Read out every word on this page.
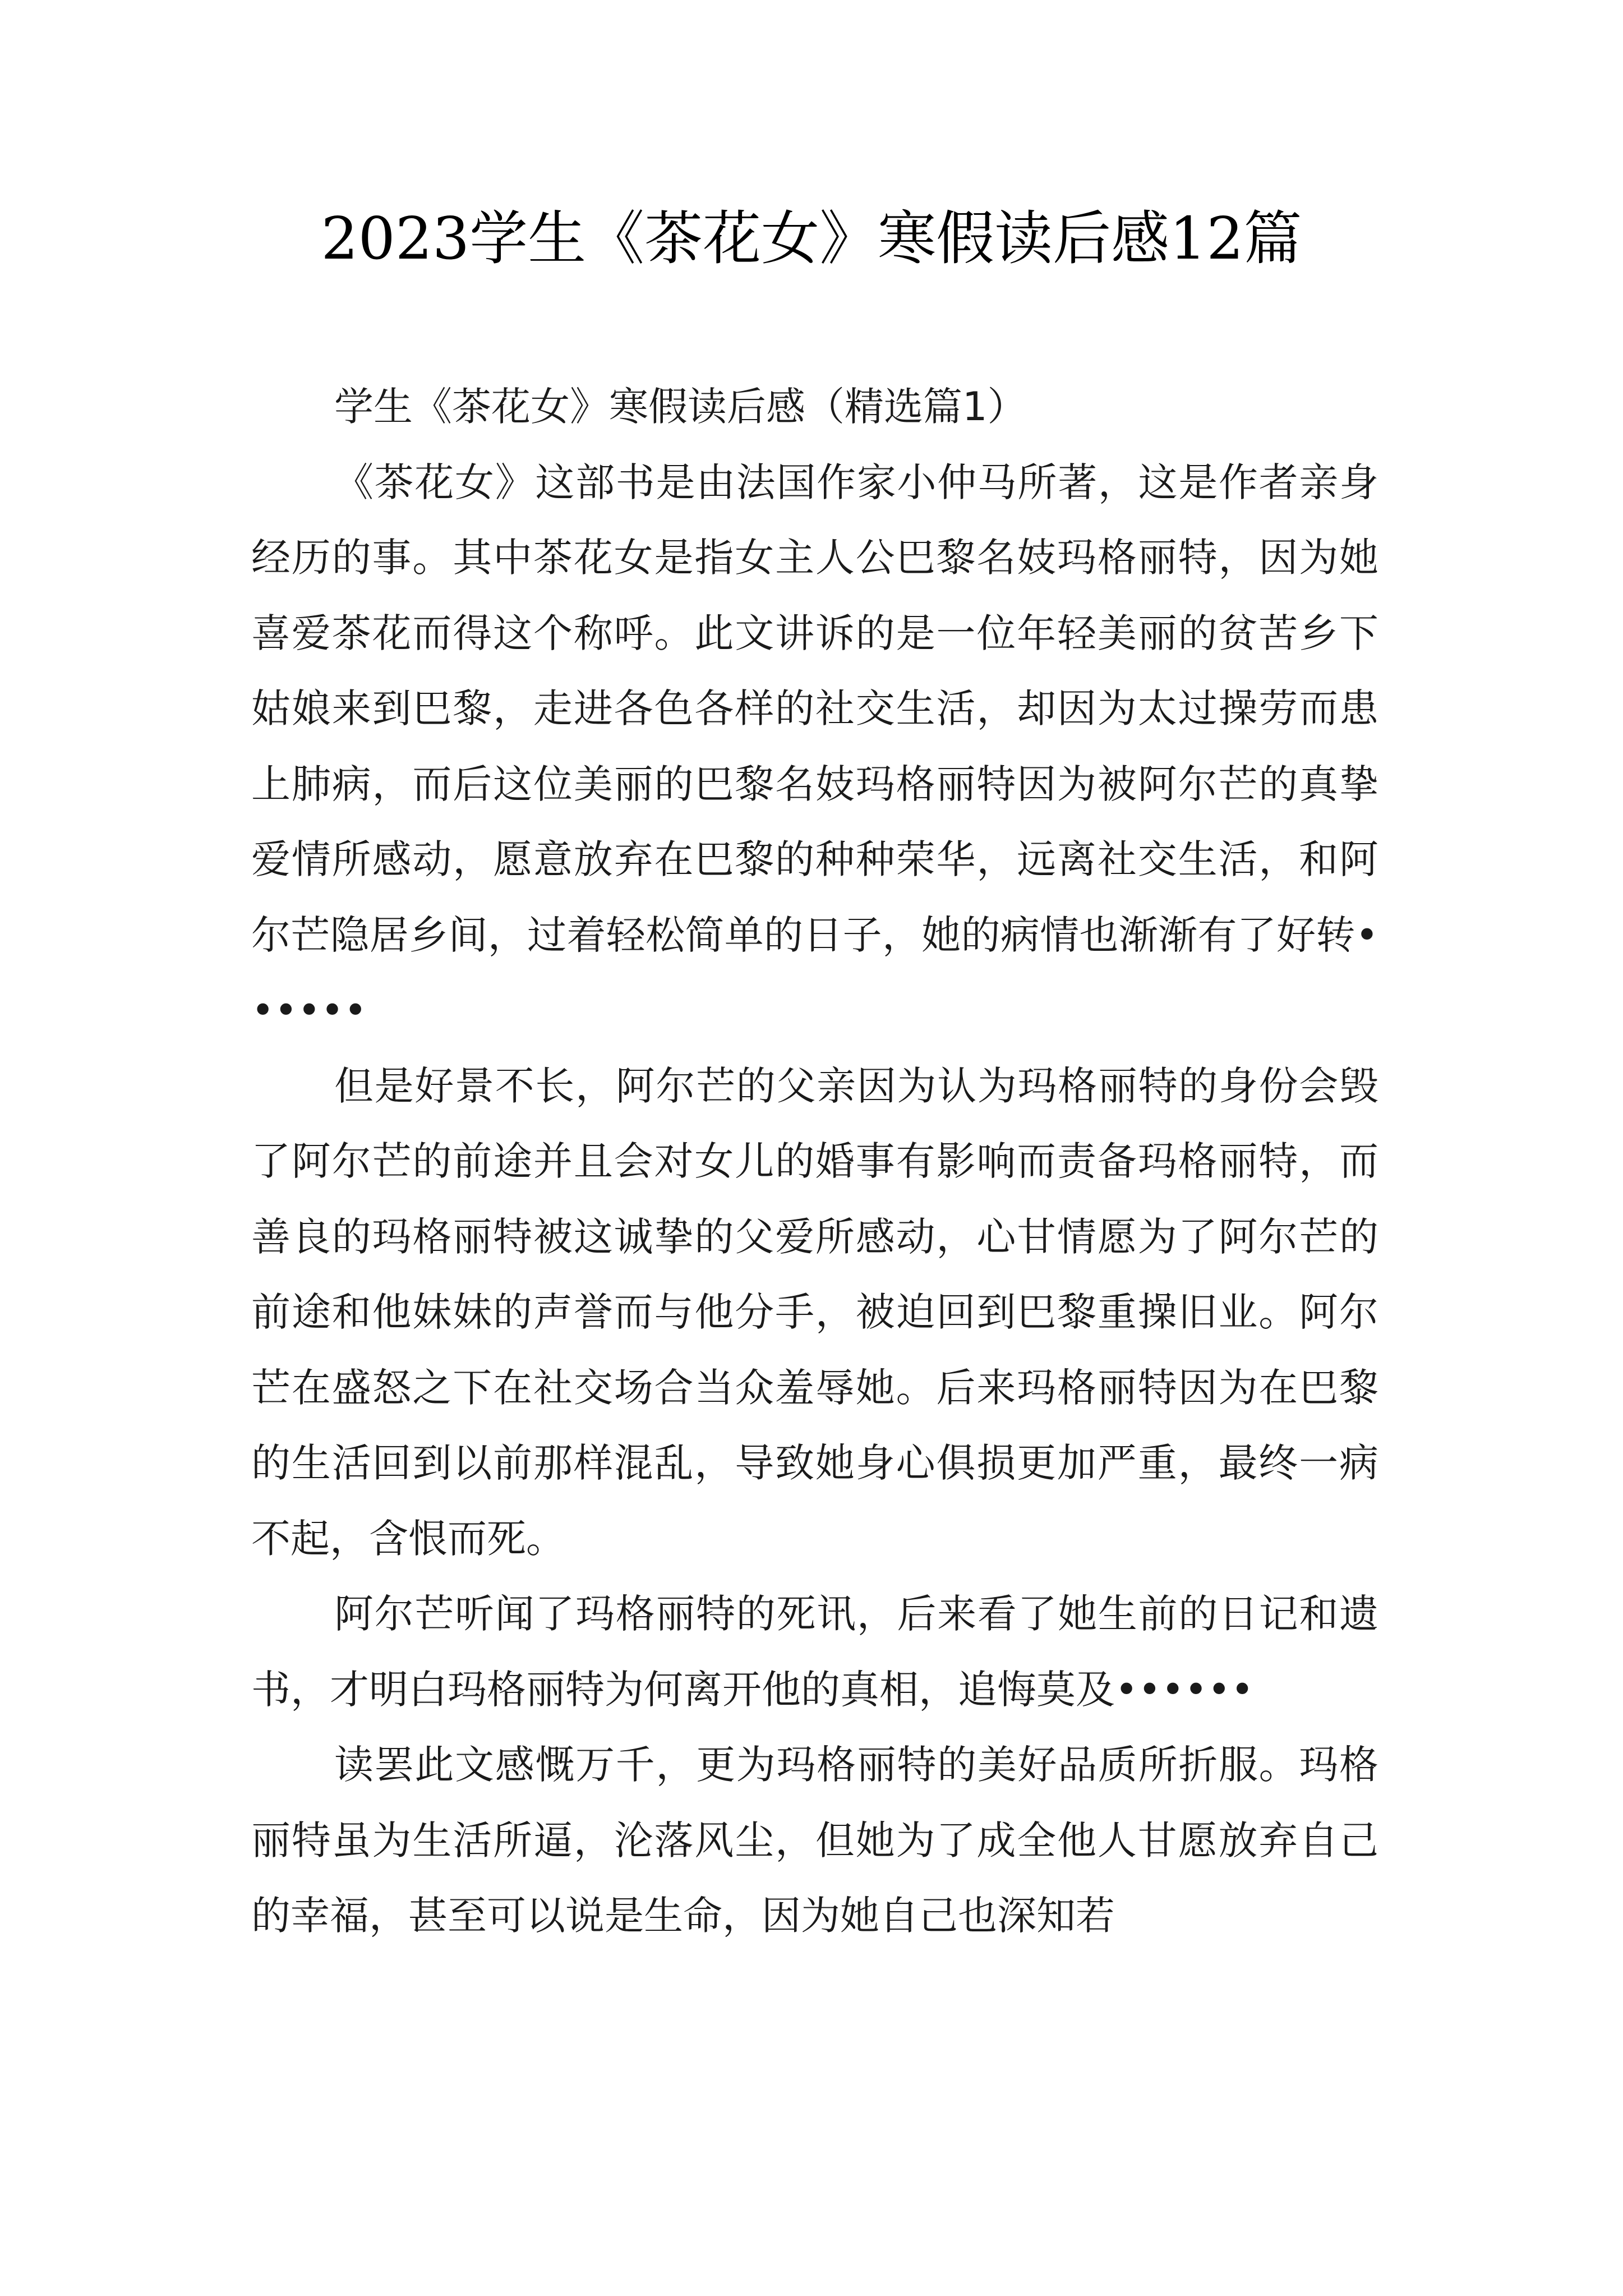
2023学生《茶花女》寒假读后感12篇

学生《茶花女》寒假读后感（精选篇1）

《茶花女》这部书是由法国作家小仲马所著，这是作者亲身经历的事。其中茶花女是指女主人公巴黎名妓玛格丽特，因为她喜爱茶花而得这个称呼。此文讲诉的是一位年轻美丽的贫苦乡下姑娘来到巴黎，走进各色各样的社交生活，却因为太过操劳而患上肺病，而后这位美丽的巴黎名妓玛格丽特因为被阿尔芒的真挚爱情所感动，愿意放弃在巴黎的种种荣华，远离社交生活，和阿尔芒隐居乡间，过着轻松简单的日子，她的病情也渐渐有了好转••••••

但是好景不长，阿尔芒的父亲因为认为玛格丽特的身份会毁了阿尔芒的前途并且会对女儿的婚事有影响而责备玛格丽特，而善良的玛格丽特被这诚挚的父爱所感动，心甘情愿为了阿尔芒的前途和他妹妹的声誉而与他分手，被迫回到巴黎重操旧业。阿尔芒在盛怒之下在社交场合当众羞辱她。后来玛格丽特因为在巴黎的生活回到以前那样混乱，导致她身心俱损更加严重，最终一病不起，含恨而死。

阿尔芒听闻了玛格丽特的死讯，后来看了她生前的日记和遗书，才明白玛格丽特为何离开他的真相，追悔莫及••••••

读罢此文感慨万千，更为玛格丽特的美好品质所折服。玛格丽特虽为生活所逼，沦落风尘，但她为了成全他人甘愿放弃自己的幸福，甚至可以说是生命，因为她自己也深知若
